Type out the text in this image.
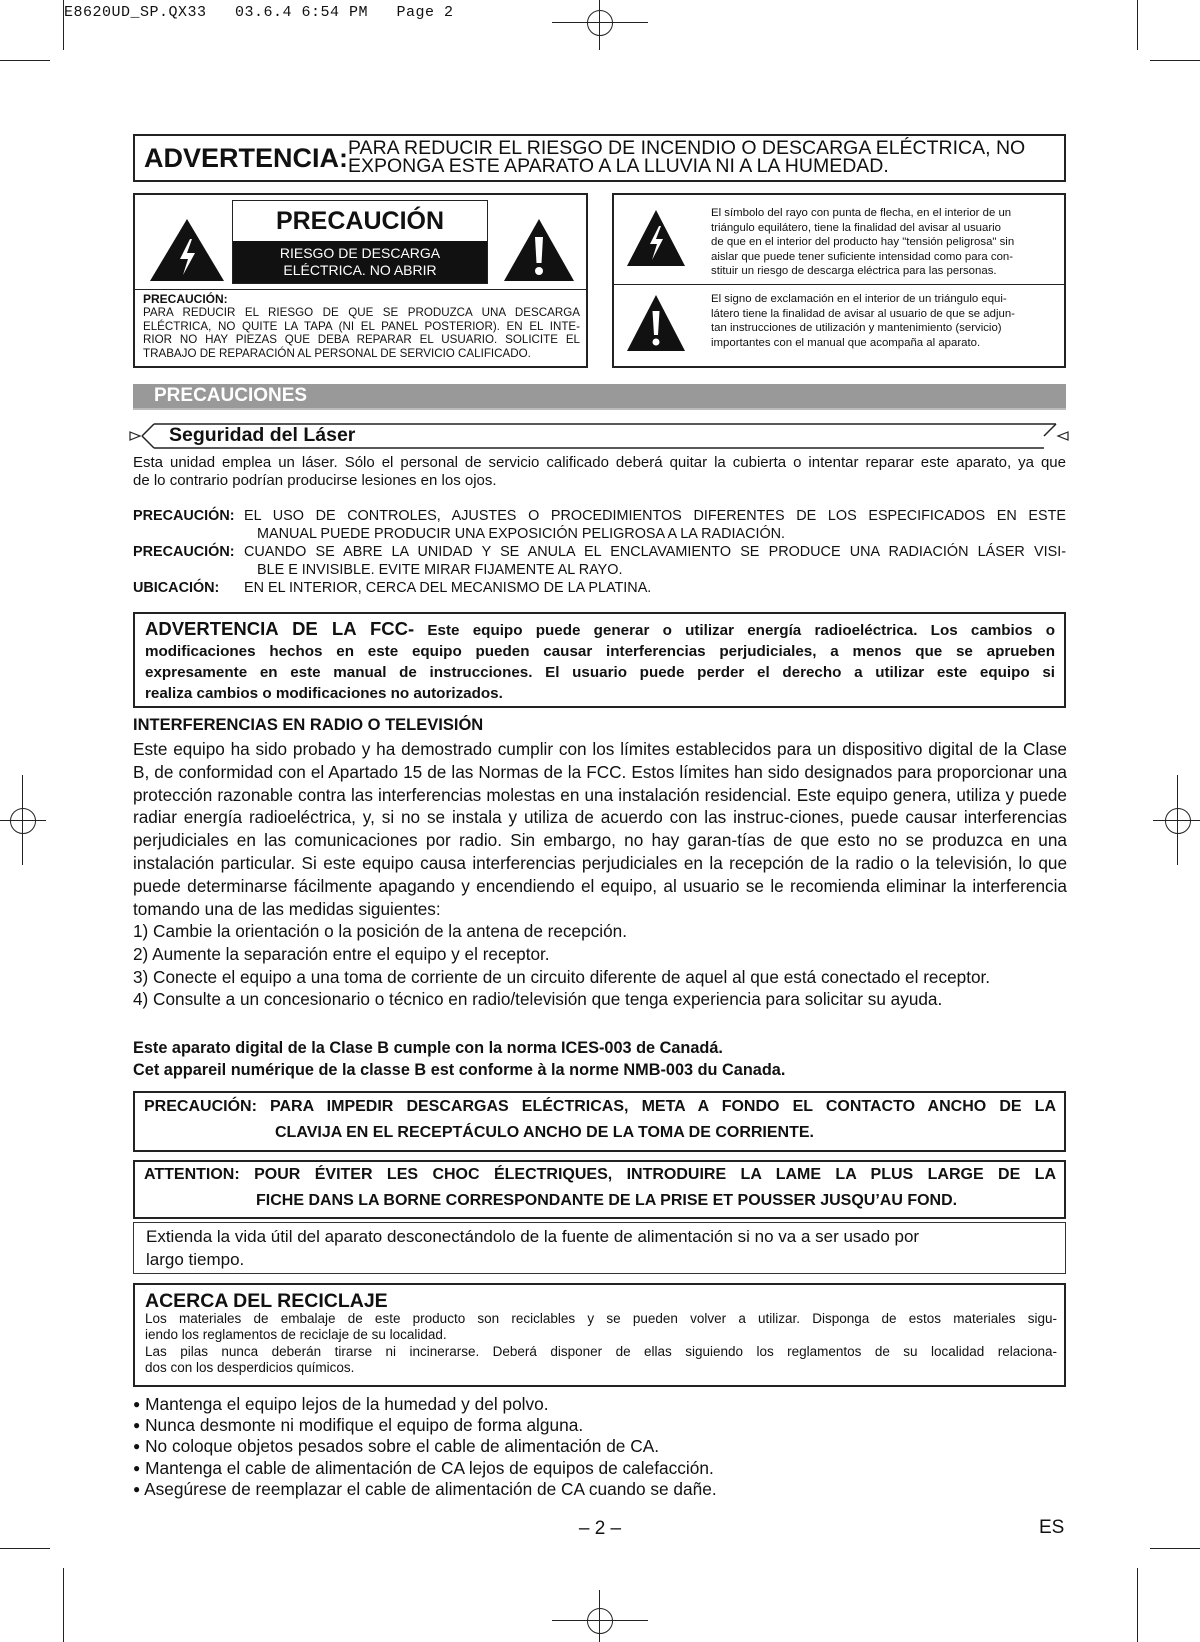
E8620UD_SP.QX33   03.6.4 6:54 PM   Page 2
ADVERTENCIA: PARA REDUCIR EL RIESGO DE INCENDIO O DESCARGA ELÉCTRICA, NO
EXPONGA ESTE APARATO A LA LLUVIA NI A LA HUMEDAD.
PRECAUCIÓN
RIESGO DE DESCARGA
ELÉCTRICA. NO ABRIR
PRECAUCIÓN:
PARA REDUCIR EL RIESGO DE QUE SE PRODUZCA UNA DESCARGA
ELÉCTRICA, NO QUITE LA TAPA (NI EL PANEL POSTERIOR). EN EL INTE-
RIOR NO HAY PIEZAS QUE DEBA REPARAR EL USUARIO. SOLICITE EL
TRABAJO DE REPARACIÓN AL PERSONAL DE SERVICIO CALIFICADO.
El símbolo del rayo con punta de flecha, en el interior de un
triángulo equilátero, tiene la finalidad del avisar al usuario
de que en el interior del producto hay "tensión peligrosa" sin
aislar que puede tener suficiente intensidad como para con-
stituir un riesgo de descarga eléctrica para las personas.
El signo de exclamación en el interior de un triángulo equi-
látero tiene la finalidad de avisar al usuario de que se adjun-
tan instrucciones de utilización y mantenimiento (servicio)
importantes con el manual que acompaña al aparato.
PRECAUCIONES
Seguridad del Láser
Esta unidad emplea un láser. Sólo el personal de servicio calificado deberá quitar la cubierta o intentar reparar este aparato, ya que
de lo contrario podrían producirse lesiones en los ojos.
PRECAUCIÓN: EL USO DE CONTROLES, AJUSTES O PROCEDIMIENTOS DIFERENTES DE LOS ESPECIFICADOS EN ESTE
MANUAL PUEDE PRODUCIR UNA EXPOSICIÓN PELIGROSA A LA RADIACIÓN.
PRECAUCIÓN: CUANDO SE ABRE LA UNIDAD Y SE ANULA EL ENCLAVAMIENTO SE PRODUCE UNA RADIACIÓN LÁSER VISI-
BLE E INVISIBLE. EVITE MIRAR FIJAMENTE AL RAYO.
UBICACIÓN:	EN EL INTERIOR, CERCA DEL MECANISMO DE LA PLATINA.
ADVERTENCIA DE LA FCC- Este equipo puede generar o utilizar energía radioeléctrica. Los cambios o
modificaciones hechos en este equipo pueden causar interferencias perjudiciales, a menos que se aprueben
expresamente en este manual de instrucciones. El usuario puede perder el derecho a utilizar este equipo si
realiza cambios o modificaciones no autorizados.
INTERFERENCIAS EN RADIO O TELEVISIÓN
Este equipo ha sido probado y ha demostrado cumplir con los límites establecidos para un dispositivo digital de la Clase B, de conformidad con el Apartado 15 de las Normas de la FCC. Estos límites han sido designados para proporcionar una protección razonable contra las interferencias molestas en una instalación residencial. Este equipo genera, utiliza y puede radiar energía radioeléctrica, y, si no se instala y utiliza de acuerdo con las instruc-ciones, puede causar interferencias perjudiciales en las comunicaciones por radio. Sin embargo, no hay garan-tías de que esto no se produzca en una instalación particular. Si este equipo causa interferencias perjudiciales en la recepción de la radio o la televisión, lo que puede determinarse fácilmente apagando y encendiendo el equipo, al usuario se le recomienda eliminar la interferencia tomando una de las medidas siguientes:
1) Cambie la orientación o la posición de la antena de recepción.
2) Aumente la separación entre el equipo y el receptor.
3) Conecte el equipo a una toma de corriente de un circuito diferente de aquel al que está conectado el receptor.
4) Consulte a un concesionario o técnico en radio/televisión que tenga experiencia para solicitar su ayuda.
Este aparato digital de la Clase B cumple con la norma ICES-003 de Canadá.
Cet appareil numérique de la classe B est conforme à la norme NMB-003 du Canada.
PRECAUCIÓN: PARA IMPEDIR DESCARGAS ELÉCTRICAS, META A FONDO EL CONTACTO ANCHO DE LA
CLAVIJA EN EL RECEPTÁCULO ANCHO DE LA TOMA DE CORRIENTE.
ATTENTION: POUR ÉVITER LES CHOC ÉLECTRIQUES, INTRODUIRE LA LAME LA PLUS LARGE DE LA
FICHE DANS LA BORNE CORRESPONDANTE DE LA PRISE ET POUSSER JUSQU’AU FOND.
Extienda la vida útil del aparato desconectándolo de la fuente de alimentación si no va a ser usado por
largo tiempo.
ACERCA DEL RECICLAJE
Los materiales de embalaje de este producto son reciclables y se pueden volver a utilizar. Disponga de estos materiales sigu-
iendo los reglamentos de reciclaje de su localidad.
Las pilas nunca deberán tirarse ni incinerarse. Deberá disponer de ellas siguiendo los reglamentos de su localidad relaciona-
dos con los desperdicios químicos.
● Mantenga el equipo lejos de la humedad y del polvo.
● Nunca desmonte ni modifique el equipo de forma alguna.
● No coloque objetos pesados sobre el cable de alimentación de CA.
● Mantenga el cable de alimentación de CA lejos de equipos de calefacción.
● Asegúrese de reemplazar el cable de alimentación de CA cuando se dañe.
– 2 –	ES
